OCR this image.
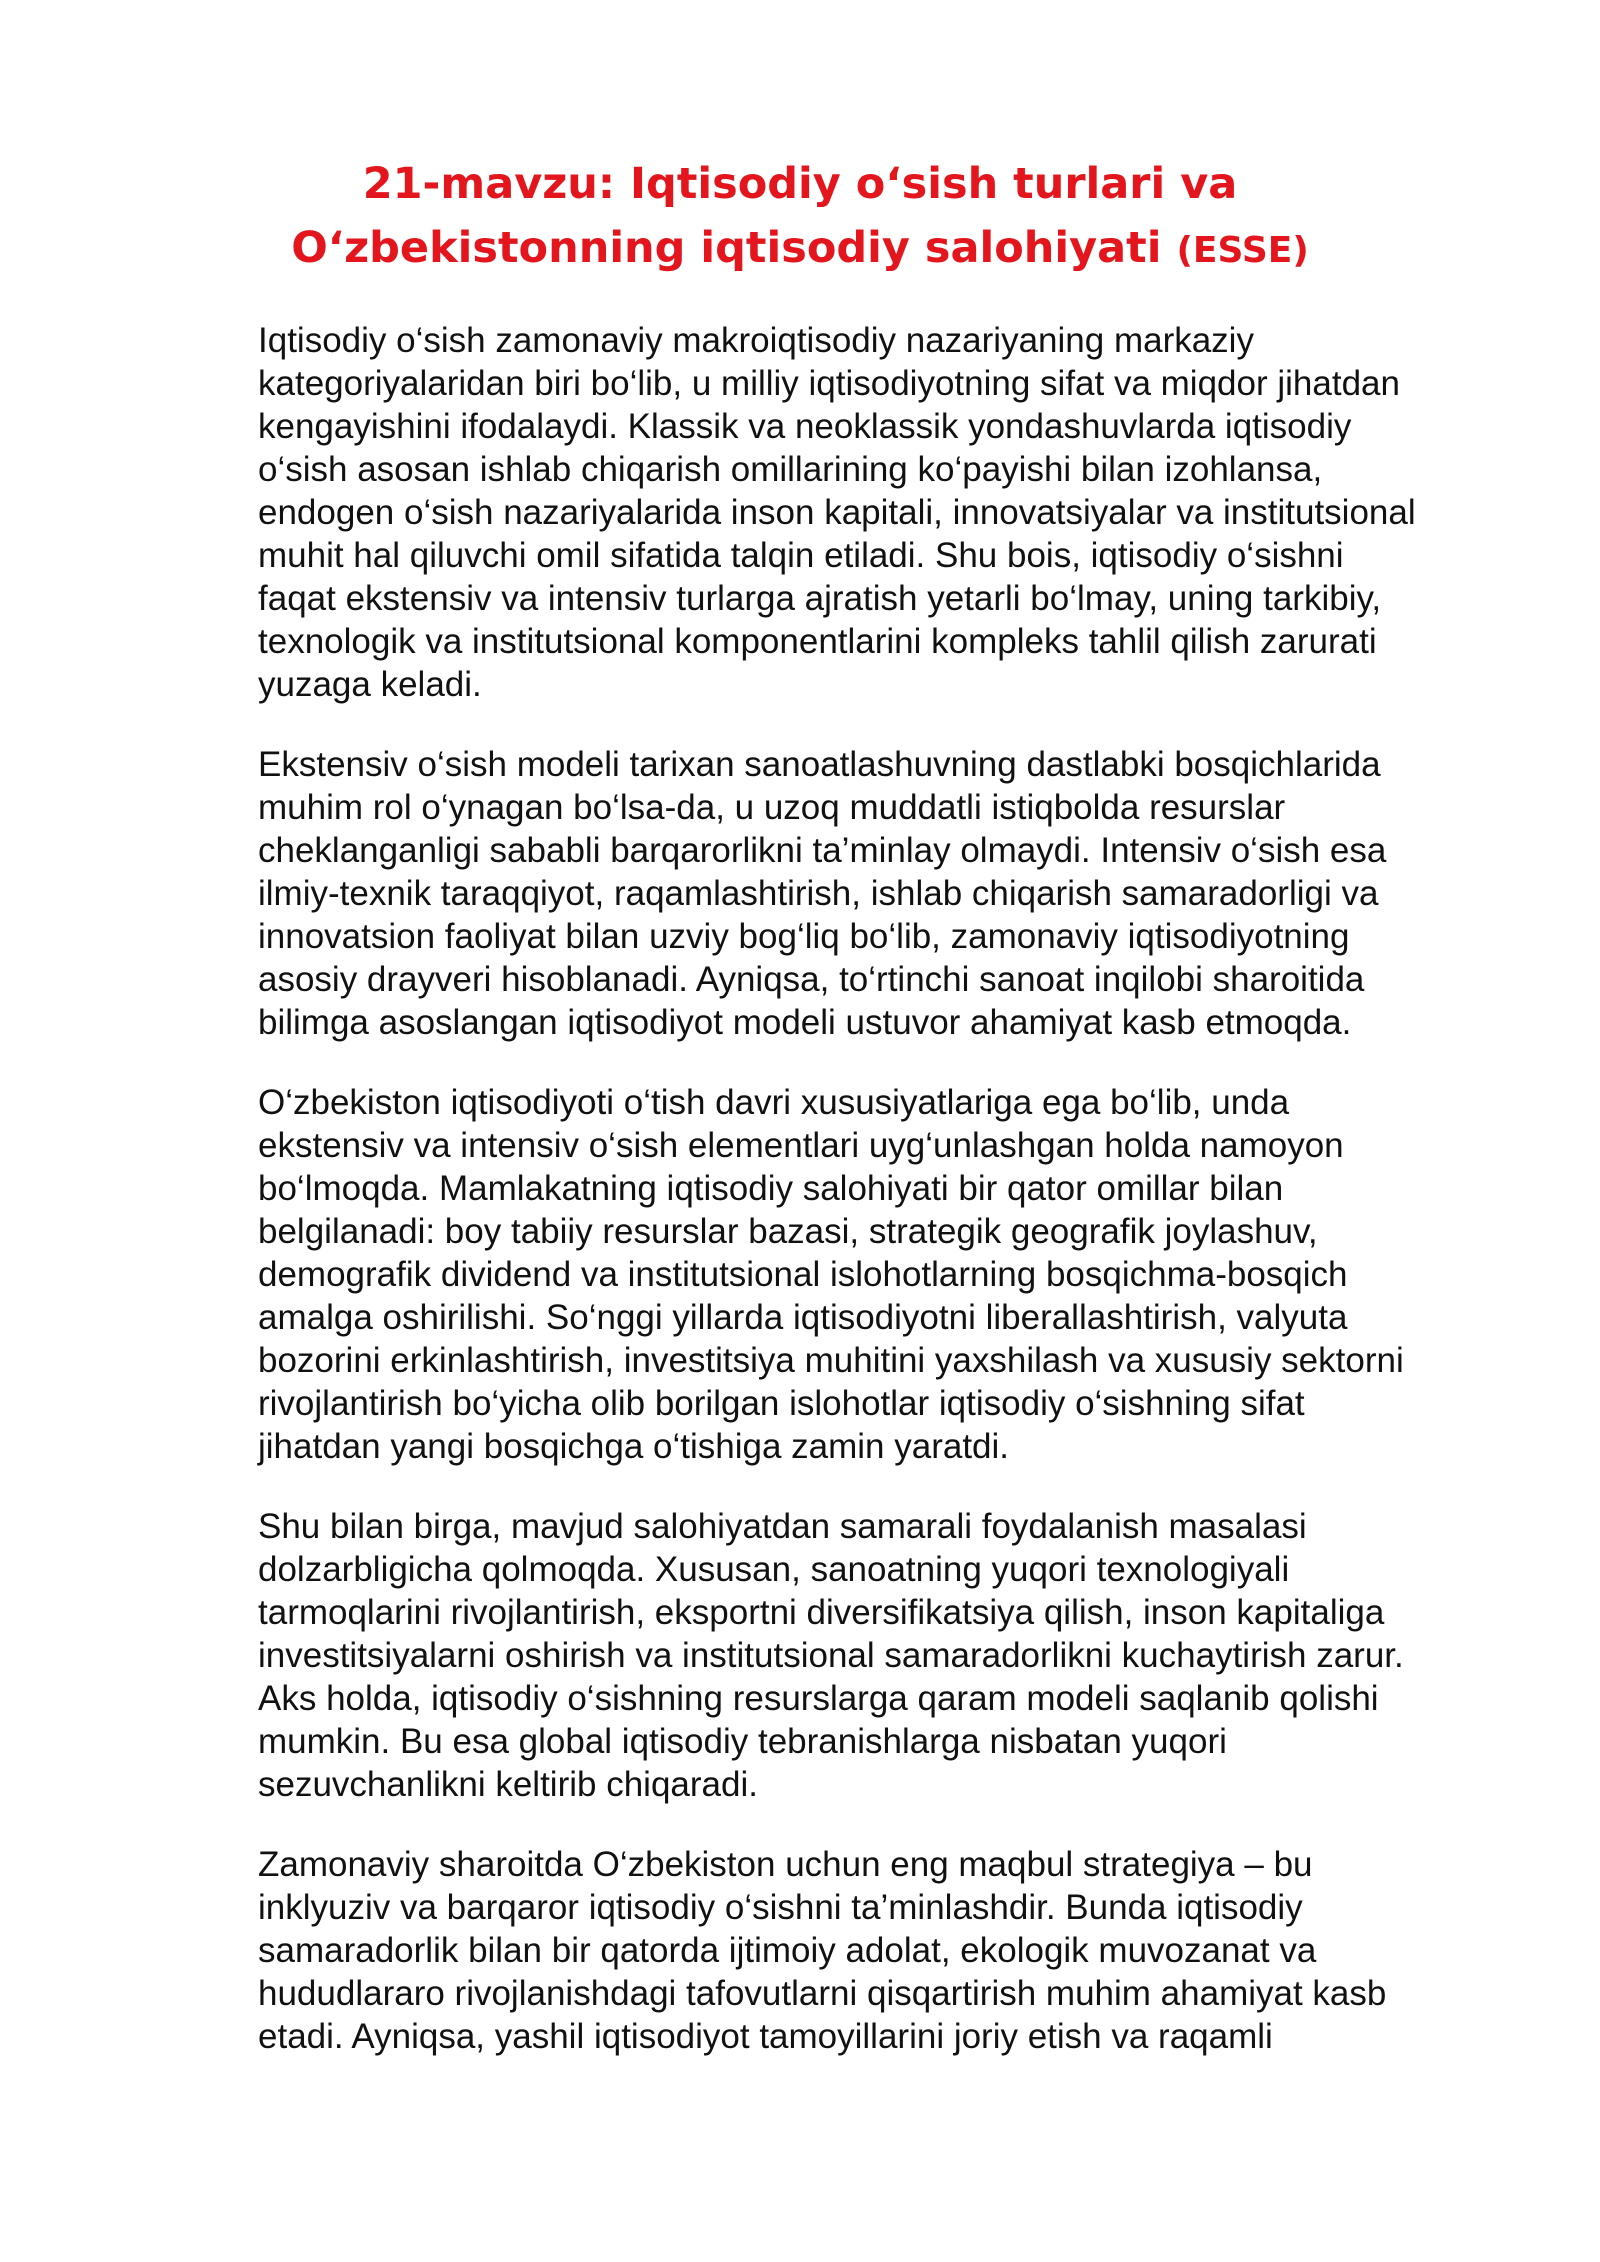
21-mavzu: Iqtisodiy o‘sish turlari va
O‘zbekistonning iqtisodiy salohiyati (ESSE)

Iqtisodiy o‘sish zamonaviy makroiqtisodiy nazariyaning markaziy
kategoriyalaridan biri bo‘lib, u milliy iqtisodiyotning sifat va miqdor jihatdan
kengayishini ifodalaydi. Klassik va neoklassik yondashuvlarda iqtisodiy
o‘sish asosan ishlab chiqarish omillarining ko‘payishi bilan izohlansa,
endogen o‘sish nazariyalarida inson kapitali, innovatsiyalar va institutsional
muhit hal qiluvchi omil sifatida talqin etiladi. Shu bois, iqtisodiy o‘sishni
faqat ekstensiv va intensiv turlarga ajratish yetarli bo‘lmay, uning tarkibiy,
texnologik va institutsional komponentlarini kompleks tahlil qilish zarurati
yuzaga keladi.

Ekstensiv o‘sish modeli tarixan sanoatlashuvning dastlabki bosqichlarida
muhim rol o‘ynagan bo‘lsa-da, u uzoq muddatli istiqbolda resurslar
cheklanganligi sababli barqarorlikni ta’minlay olmaydi. Intensiv o‘sish esa
ilmiy-texnik taraqqiyot, raqamlashtirish, ishlab chiqarish samaradorligi va
innovatsion faoliyat bilan uzviy bog‘liq bo‘lib, zamonaviy iqtisodiyotning
asosiy drayveri hisoblanadi. Ayniqsa, to‘rtinchi sanoat inqilobi sharoitida
bilimga asoslangan iqtisodiyot modeli ustuvor ahamiyat kasb etmoqda.

O‘zbekiston iqtisodiyoti o‘tish davri xususiyatlariga ega bo‘lib, unda
ekstensiv va intensiv o‘sish elementlari uyg‘unlashgan holda namoyon
bo‘lmoqda. Mamlakatning iqtisodiy salohiyati bir qator omillar bilan
belgilanadi: boy tabiiy resurslar bazasi, strategik geografik joylashuv,
demografik dividend va institutsional islohotlarning bosqichma-bosqich
amalga oshirilishi. So‘nggi yillarda iqtisodiyotni liberallashtirish, valyuta
bozorini erkinlashtirish, investitsiya muhitini yaxshilash va xususiy sektorni
rivojlantirish bo‘yicha olib borilgan islohotlar iqtisodiy o‘sishning sifat
jihatdan yangi bosqichga o‘tishiga zamin yaratdi.

Shu bilan birga, mavjud salohiyatdan samarali foydalanish masalasi
dolzarbligicha qolmoqda. Xususan, sanoatning yuqori texnologiyali
tarmoqlarini rivojlantirish, eksportni diversifikatsiya qilish, inson kapitaliga
investitsiyalarni oshirish va institutsional samaradorlikni kuchaytirish zarur.
Aks holda, iqtisodiy o‘sishning resurslarga qaram modeli saqlanib qolishi
mumkin. Bu esa global iqtisodiy tebranishlarga nisbatan yuqori
sezuvchanlikni keltirib chiqaradi.

Zamonaviy sharoitda O‘zbekiston uchun eng maqbul strategiya – bu
inklyuziv va barqaror iqtisodiy o‘sishni ta’minlashdir. Bunda iqtisodiy
samaradorlik bilan bir qatorda ijtimoiy adolat, ekologik muvozanat va
hududlararo rivojlanishdagi tafovutlarni qisqartirish muhim ahamiyat kasb
etadi. Ayniqsa, yashil iqtisodiyot tamoyillarini joriy etish va raqamli
